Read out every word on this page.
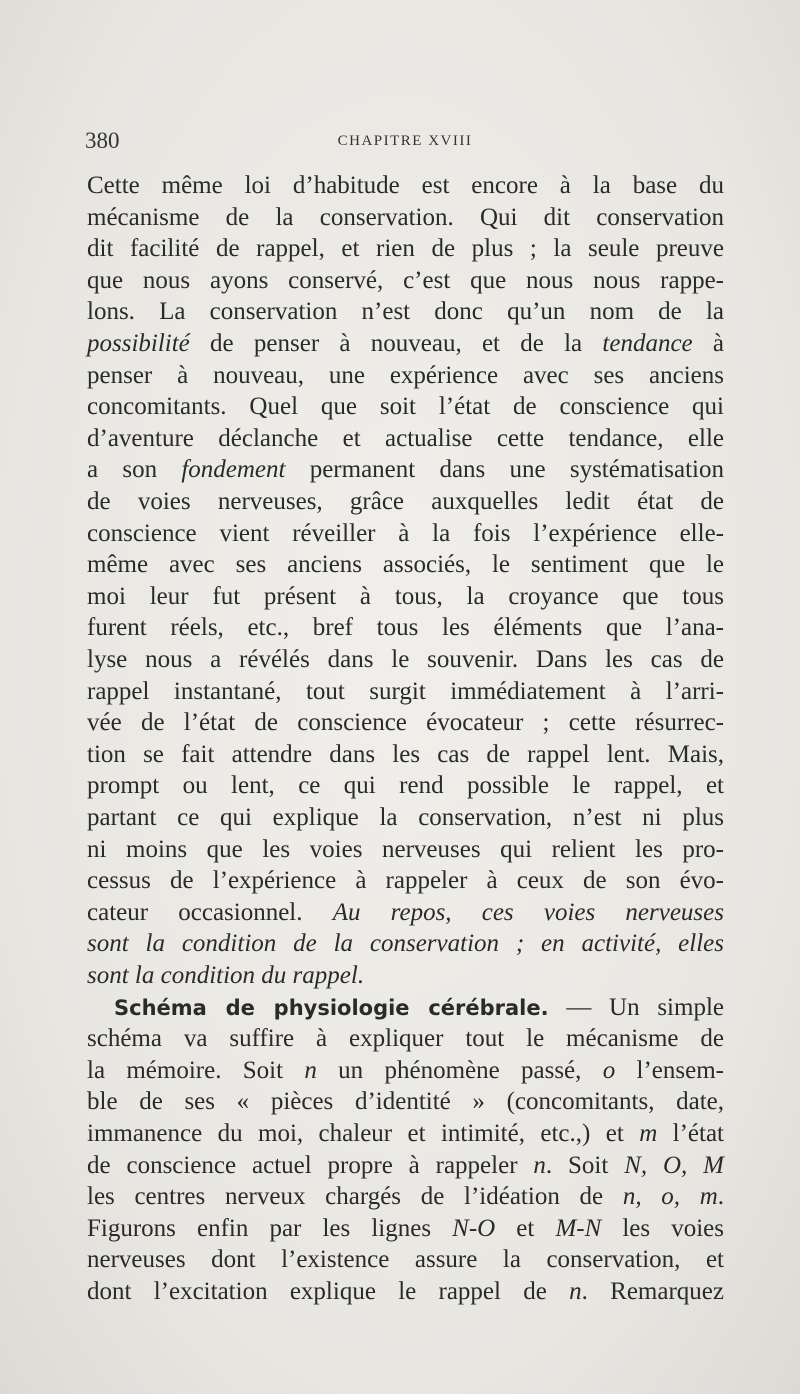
380	CHAPITRE XVIII
Cette même loi d’habitude est encore à la base du
mécanisme de la conservation. Qui dit conservation
dit facilité de rappel, et rien de plus ; la seule preuve
que nous ayons conservé, c’est que nous nous rappe-
lons. La conservation n’est donc qu’un nom de la
possibilité de penser à nouveau, et de la tendance à
penser à nouveau, une expérience avec ses anciens
concomitants. Quel que soit l’état de conscience qui
d’aventure déclanche et actualise cette tendance, elle
a son fondement permanent dans une systématisation
de voies nerveuses, grâce auxquelles ledit état de
conscience vient réveiller à la fois l’expérience elle-
même avec ses anciens associés, le sentiment que le
moi leur fut présent à tous, la croyance que tous
furent réels, etc., bref tous les éléments que l’ana-
lyse nous a révélés dans le souvenir. Dans les cas de
rappel instantané, tout surgit immédiatement à l’arri-
vée de l’état de conscience évocateur ; cette résurrec-
tion se fait attendre dans les cas de rappel lent. Mais,
prompt ou lent, ce qui rend possible le rappel, et
partant ce qui explique la conservation, n’est ni plus
ni moins que les voies nerveuses qui relient les pro-
cessus de l’expérience à rappeler à ceux de son évo-
cateur occasionnel. Au repos, ces voies nerveuses
sont la condition de la conservation ; en activité, elles
sont la condition du rappel.
Schéma de physiologie cérébrale. — Un simple
schéma va suffire à expliquer tout le mécanisme de
la mémoire. Soit n un phénomène passé, o l’ensem-
ble de ses « pièces d’identité » (concomitants, date,
immanence du moi, chaleur et intimité, etc.,) et m l’état
de conscience actuel propre à rappeler n. Soit N, O, M
les centres nerveux chargés de l’idéation de n, o, m.
Figurons enfin par les lignes N-O et M-N les voies
nerveuses dont l’existence assure la conservation, et
dont l’excitation explique le rappel de n. Remarquez
